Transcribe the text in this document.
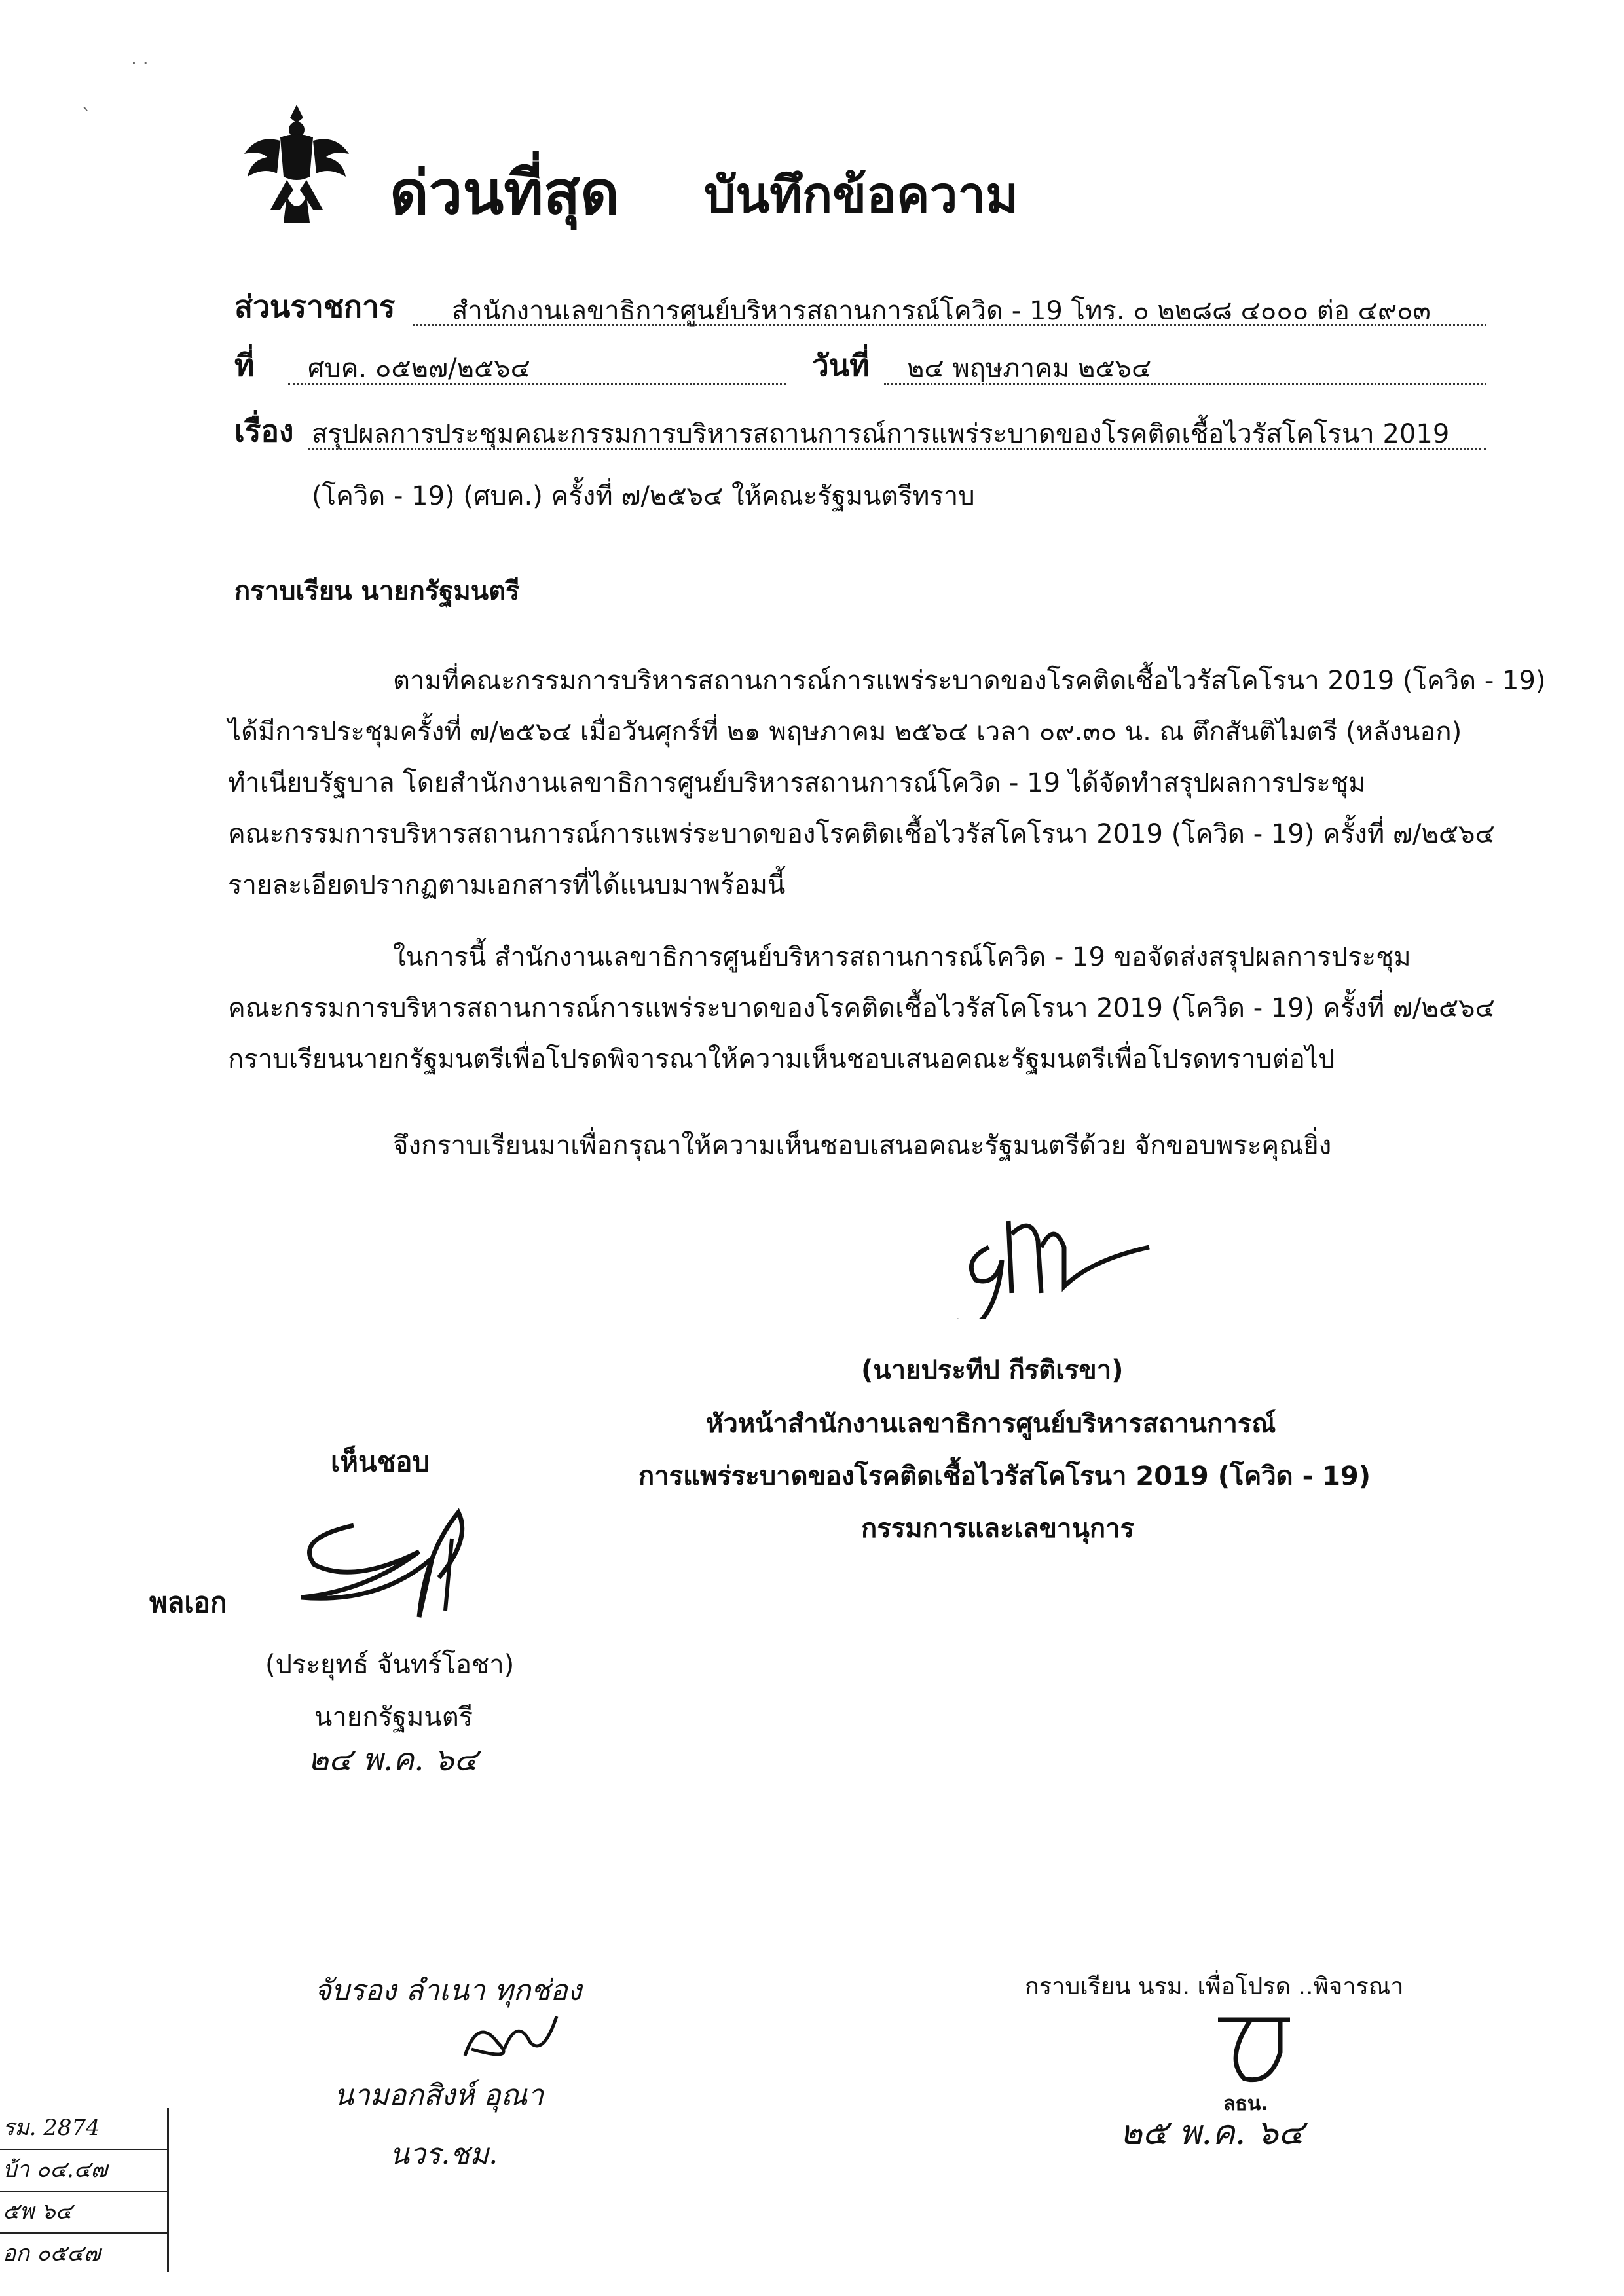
· ·
`
ด่วนที่สุด บันทึกข้อความ
ส่วนราชการ สำนักงานเลขาธิการศูนย์บริหารสถานการณ์โควิด - 19 โทร. ๐ ๒๒๘๘ ๔๐๐๐ ต่อ ๔๙๐๓
ที่ ศบค. ๐๕๒๗/๒๕๖๔	วันที่ ๒๔ พฤษภาคม ๒๕๖๔
เรื่อง สรุปผลการประชุมคณะกรรมการบริหารสถานการณ์การแพร่ระบาดของโรคติดเชื้อไวรัสโคโรนา 2019
(โควิด - 19) (ศบค.) ครั้งที่ ๗/๒๕๖๔ ให้คณะรัฐมนตรีทราบ
กราบเรียน นายกรัฐมนตรี
ตามที่คณะกรรมการบริหารสถานการณ์การแพร่ระบาดของโรคติดเชื้อไวรัสโคโรนา 2019 (โควิด - 19)
ได้มีการประชุมครั้งที่ ๗/๒๕๖๔ เมื่อวันศุกร์ที่ ๒๑ พฤษภาคม ๒๕๖๔ เวลา ๐๙.๓๐ น. ณ ตึกสันติไมตรี (หลังนอก)
ทำเนียบรัฐบาล โดยสำนักงานเลขาธิการศูนย์บริหารสถานการณ์โควิด - 19 ได้จัดทำสรุปผลการประชุม
คณะกรรมการบริหารสถานการณ์การแพร่ระบาดของโรคติดเชื้อไวรัสโคโรนา 2019 (โควิด - 19) ครั้งที่ ๗/๒๕๖๔
รายละเอียดปรากฏตามเอกสารที่ได้แนบมาพร้อมนี้
ในการนี้ สำนักงานเลขาธิการศูนย์บริหารสถานการณ์โควิด - 19 ขอจัดส่งสรุปผลการประชุม
คณะกรรมการบริหารสถานการณ์การแพร่ระบาดของโรคติดเชื้อไวรัสโคโรนา 2019 (โควิด - 19) ครั้งที่ ๗/๒๕๖๔
กราบเรียนนายกรัฐมนตรีเพื่อโปรดพิจารณาให้ความเห็นชอบเสนอคณะรัฐมนตรีเพื่อโปรดทราบต่อไป
จึงกราบเรียนมาเพื่อกรุณาให้ความเห็นชอบเสนอคณะรัฐมนตรีด้วย จักขอบพระคุณยิ่ง
(นายประทีป กีรติเรขา)
หัวหน้าสำนักงานเลขาธิการศูนย์บริหารสถานการณ์
การแพร่ระบาดของโรคติดเชื้อไวรัสโคโรนา 2019 (โควิด - 19)
กรรมการและเลขานุการ
เห็นชอบ
พลเอก
(ประยุทธ์ จันทร์โอชา)
นายกรัฐมนตรี
๒๔ พ.ค. ๖๔
จับรอง ลำเนา ทุกช่อง
นามอกสิงห์ อุณา
นวร.ชม.
กราบเรียน นรม. เพื่อโปรด ..พิจารณา
ลธน.
๒๕ พ.ค. ๖๔
รม. 2874
บ้า ๐๔.๔๗
๕พ ๖๔
อก ๐๕๔๗
